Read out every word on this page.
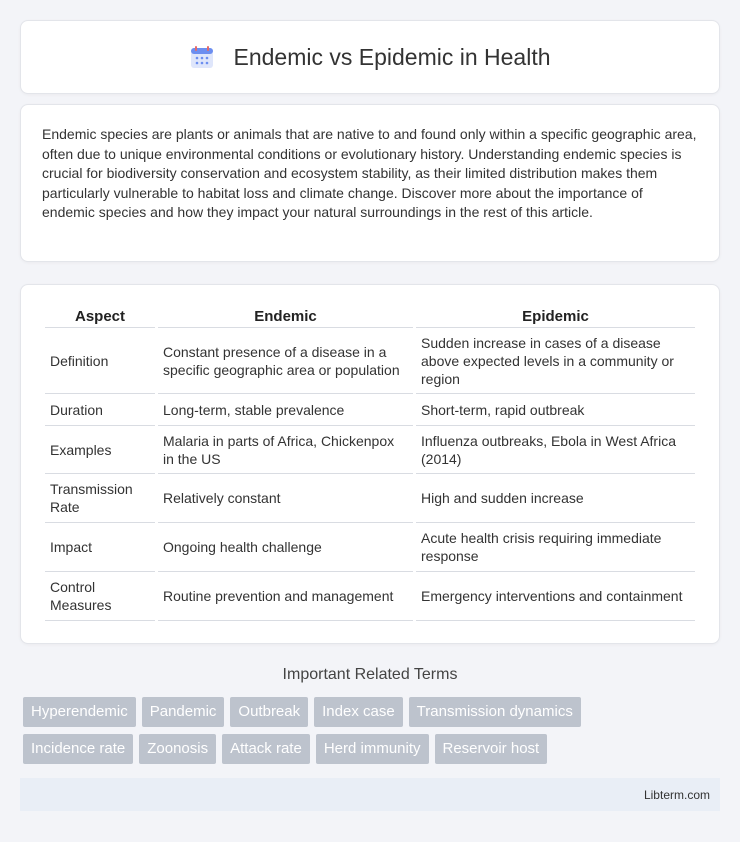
Endemic vs Epidemic in Health

Endemic species are plants or animals that are native to and found only within a specific geographic area, often due to unique environmental conditions or evolutionary history. Understanding endemic species is crucial for biodiversity conservation and ecosystem stability, as their limited distribution makes them particularly vulnerable to habitat loss and climate change. Discover more about the importance of endemic species and how they impact your natural surroundings in the rest of this article.

Aspect	Endemic	Epidemic
Definition	Constant presence of a disease in a specific geographic area or population	Sudden increase in cases of a disease above expected levels in a community or region
Duration	Long-term, stable prevalence	Short-term, rapid outbreak
Examples	Malaria in parts of Africa, Chickenpox in the US	Influenza outbreaks, Ebola in West Africa (2014)
Transmission Rate	Relatively constant	High and sudden increase
Impact	Ongoing health challenge	Acute health crisis requiring immediate response
Control Measures	Routine prevention and management	Emergency interventions and containment
Important Related Terms
Hyperendemic	Pandemic	Outbreak	Index case	Transmission dynamics
Incidence rate	Zoonosis	Attack rate	Herd immunity	Reservoir host
Libterm.com
